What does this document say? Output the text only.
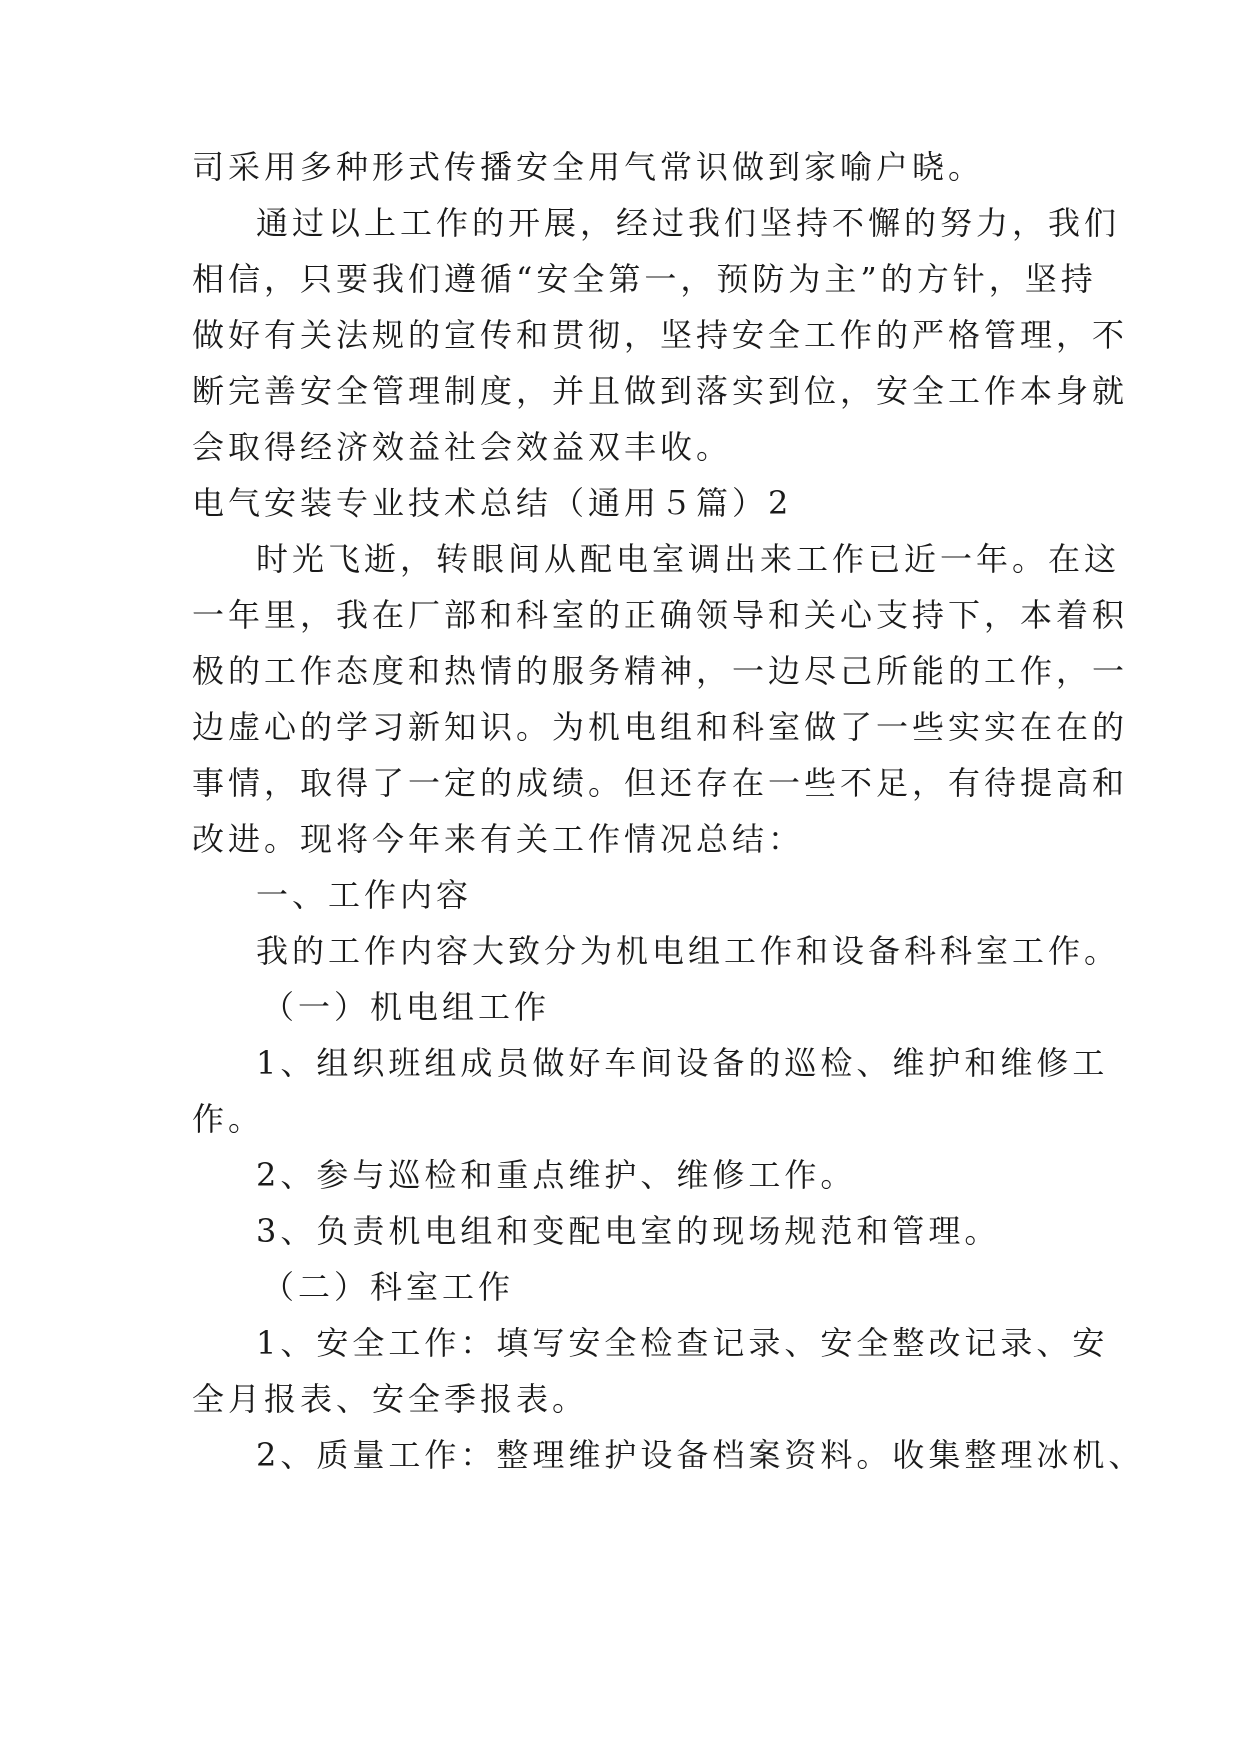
司采用多种形式传播安全用气常识做到家喻户晓。
通过以上工作的开展，经过我们坚持不懈的努力，我们
相信，只要我们遵循“安全第一，预防为主”的方针，坚持
做好有关法规的宣传和贯彻，坚持安全工作的严格管理，不
断完善安全管理制度，并且做到落实到位，安全工作本身就
会取得经济效益社会效益双丰收。
电气安装专业技术总结（通用５篇）2
时光飞逝，转眼间从配电室调出来工作已近一年。在这
一年里，我在厂部和科室的正确领导和关心支持下，本着积
极的工作态度和热情的服务精神，一边尽己所能的工作，一
边虚心的学习新知识。为机电组和科室做了一些实实在在的
事情，取得了一定的成绩。但还存在一些不足，有待提高和
改进。现将今年来有关工作情况总结：
一、工作内容
我的工作内容大致分为机电组工作和设备科科室工作。
（一）机电组工作
1、组织班组成员做好车间设备的巡检、维护和维修工
作。
2、参与巡检和重点维护、维修工作。
3、负责机电组和变配电室的现场规范和管理。
（二）科室工作
1、安全工作：填写安全检查记录、安全整改记录、安
全月报表、安全季报表。
2、质量工作：整理维护设备档案资料。收集整理冰机、
